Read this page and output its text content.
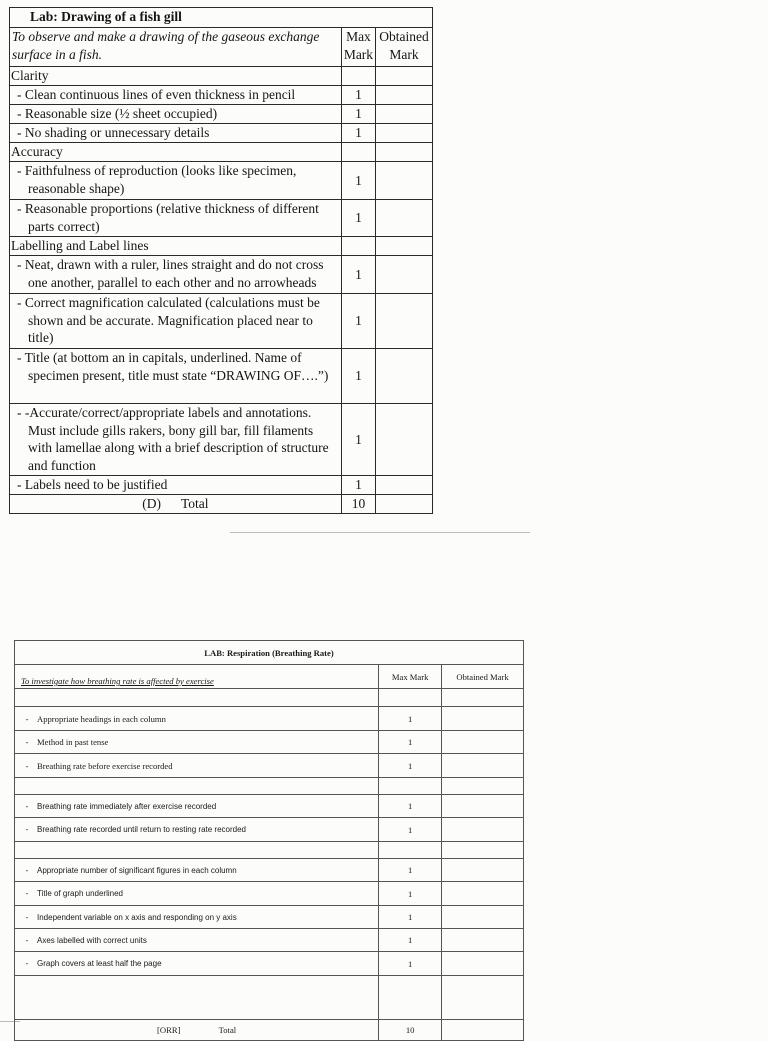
Lab: Drawing of a fish gill		
To observe and make a drawing of the gaseous exchange surface in a fish.	Max Mark	Obtained Mark
Clarity		

- Clean continuous lines of even thickness in pencil	1	

- Reasonable size (½ sheet occupied)	1	

- No shading or unnecessary details	1	
Accuracy		

- Faithfulness of reproduction (looks like specimen, reasonable shape)	1	

- Reasonable proportions (relative thickness of different parts correct)	1	
Labelling and Label lines		

- Neat, drawn with a ruler, lines straight and do not cross one another, parallel to each other and no arrowheads	1	

- Correct magnification calculated (calculations must be shown and be accurate. Magnification placed near to title)	1	

- Title (at bottom an in capitals, underlined. Name of specimen present, title must state “DRAWING OF….”)	1	

- -Accurate/correct/appropriate labels and annotations. Must include gills rakers, bony gill bar, fill filaments with lamellae along with a brief description of structure and function	1	

- Labels need to be justified	1	
(D)      Total	10	
LAB: Respiration (Breathing Rate)		
To investigate how breathing rate is affected by exercise	Max Mark	Obtained Mark

- Appropriate headings in each column	1	
- Method in past tense	1	
- Breathing rate before exercise recorded	1	

- Breathing rate immediately after exercise recorded	1	
- Breathing rate recorded until return to resting rate recorded	1	

- Appropriate number of significant figures in each column	1	
- Title of graph underlined	1	
- Independent variable on x axis and responding on y axis	1	
- Axes labelled with correct units	1	
- Graph covers at least half the page	1	

[ORR] Total	10	
